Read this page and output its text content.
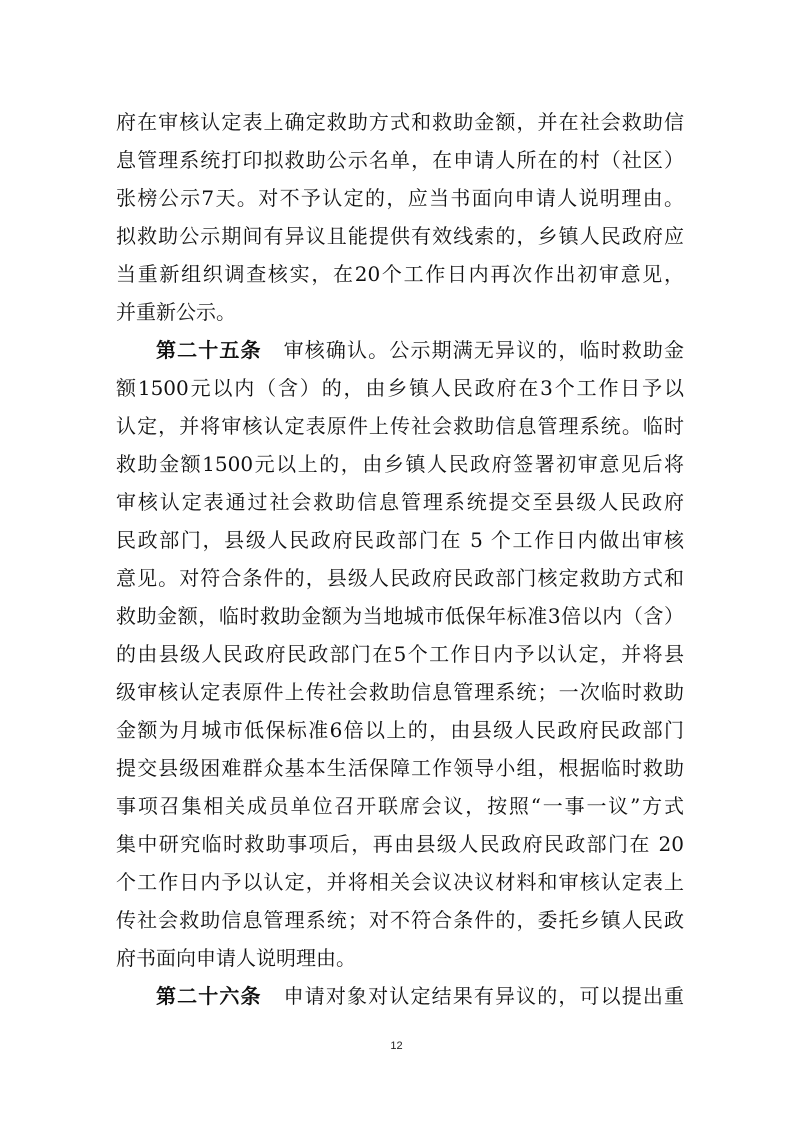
府在审核认定表上确定救助方式和救助金额，并在社会救助信
息管理系统打印拟救助公示名单，在申请人所在的村（社区）
张榜公示7天。对不予认定的，应当书面向申请人说明理由。
拟救助公示期间有异议且能提供有效线索的，乡镇人民政府应
当重新组织调查核实，在20个工作日内再次作出初审意见，
并重新公示。
第二十五条 审核确认。公示期满无异议的，临时救助金
额1500元以内（含）的，由乡镇人民政府在3个工作日予以
认定，并将审核认定表原件上传社会救助信息管理系统。临时
救助金额1500元以上的，由乡镇人民政府签署初审意见后将
审核认定表通过社会救助信息管理系统提交至县级人民政府
民政部门，县级人民政府民政部门在 5 个工作日内做出审核
意见。对符合条件的，县级人民政府民政部门核定救助方式和
救助金额，临时救助金额为当地城市低保年标准3倍以内（含）
的由县级人民政府民政部门在5个工作日内予以认定，并将县
级审核认定表原件上传社会救助信息管理系统；一次临时救助
金额为月城市低保标准6倍以上的，由县级人民政府民政部门
提交县级困难群众基本生活保障工作领导小组，根据临时救助
事项召集相关成员单位召开联席会议，按照“一事一议”方式
集中研究临时救助事项后，再由县级人民政府民政部门在 20
个工作日内予以认定，并将相关会议决议材料和审核认定表上
传社会救助信息管理系统；对不符合条件的，委托乡镇人民政
府书面向申请人说明理由。
第二十六条 申请对象对认定结果有异议的，可以提出重
12
